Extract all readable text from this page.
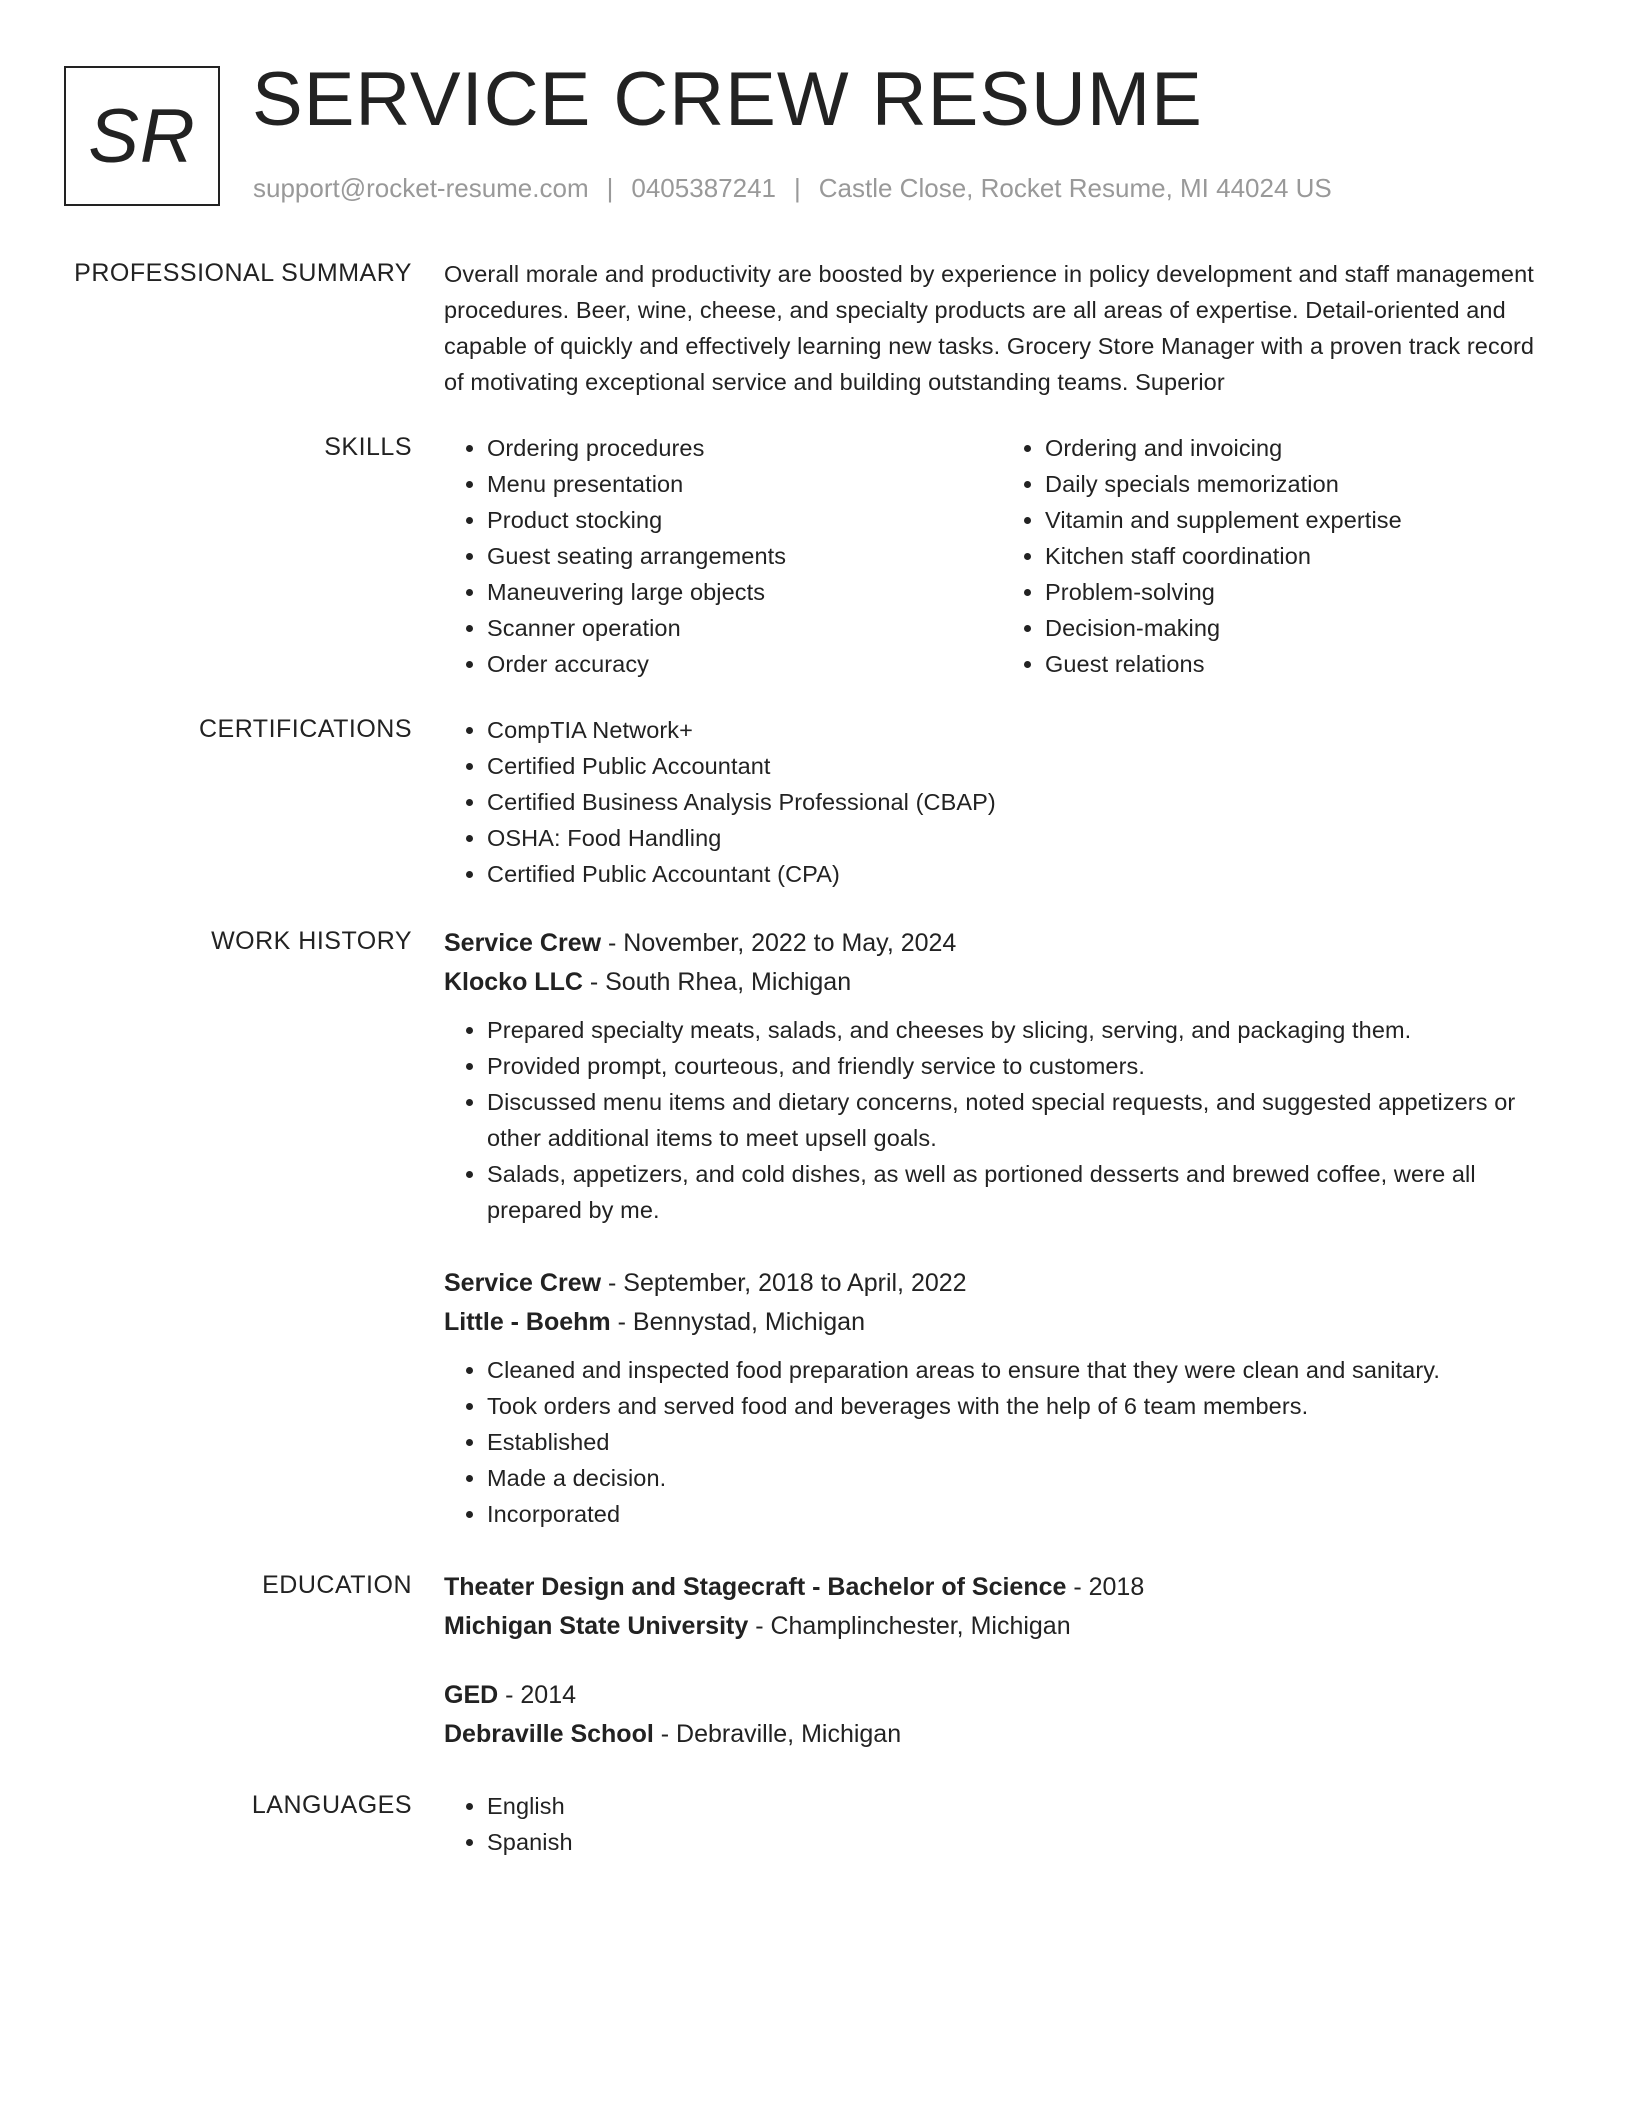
SR SERVICE CREW RESUME
support@rocket-resume.com | 0405387241 | Castle Close, Rocket Resume, MI 44024 US
PROFESSIONAL SUMMARY Overall morale and productivity are boosted by experience in policy development and staff management procedures. Beer, wine, cheese, and specialty products are all areas of expertise. Detail-oriented and capable of quickly and effectively learning new tasks. Grocery Store Manager with a proven track record of motivating exceptional service and building outstanding teams. Superior

SKILLS	• Ordering procedures
• Menu presentation
• Product stocking
• Guest seating arrangements
• Maneuvering large objects
• Scanner operation
• Order accuracy
• Ordering and invoicing
• Daily specials memorization
• Vitamin and supplement expertise
• Kitchen staff coordination
• Problem-solving
• Decision-making
• Guest relations
CERTIFICATIONS	• CompTIA Network+
• Certified Public Accountant
• Certified Business Analysis Professional (CBAP)
• OSHA: Food Handling
• Certified Public Accountant (CPA)
WORK HISTORY Service Crew - November, 2022 to May, 2024
Klocko LLC - South Rhea, Michigan
• Prepared specialty meats, salads, and cheeses by slicing, serving, and packaging them.
• Provided prompt, courteous, and friendly service to customers.
• Discussed menu items and dietary concerns, noted special requests, and suggested appetizers or other additional items to meet upsell goals.
• Salads, appetizers, and cold dishes, as well as portioned desserts and brewed coffee, were all prepared by me.
Service Crew - September, 2018 to April, 2022
Little - Boehm - Bennystad, Michigan
• Cleaned and inspected food preparation areas to ensure that they were clean and sanitary.
• Took orders and served food and beverages with the help of 6 team members.
• Established
• Made a decision.
• Incorporated
EDUCATION Theater Design and Stagecraft - Bachelor of Science - 2018
Michigan State University - Champlinchester, Michigan
GED - 2014
Debraville School - Debraville, Michigan
LANGUAGES	• English
• Spanish
